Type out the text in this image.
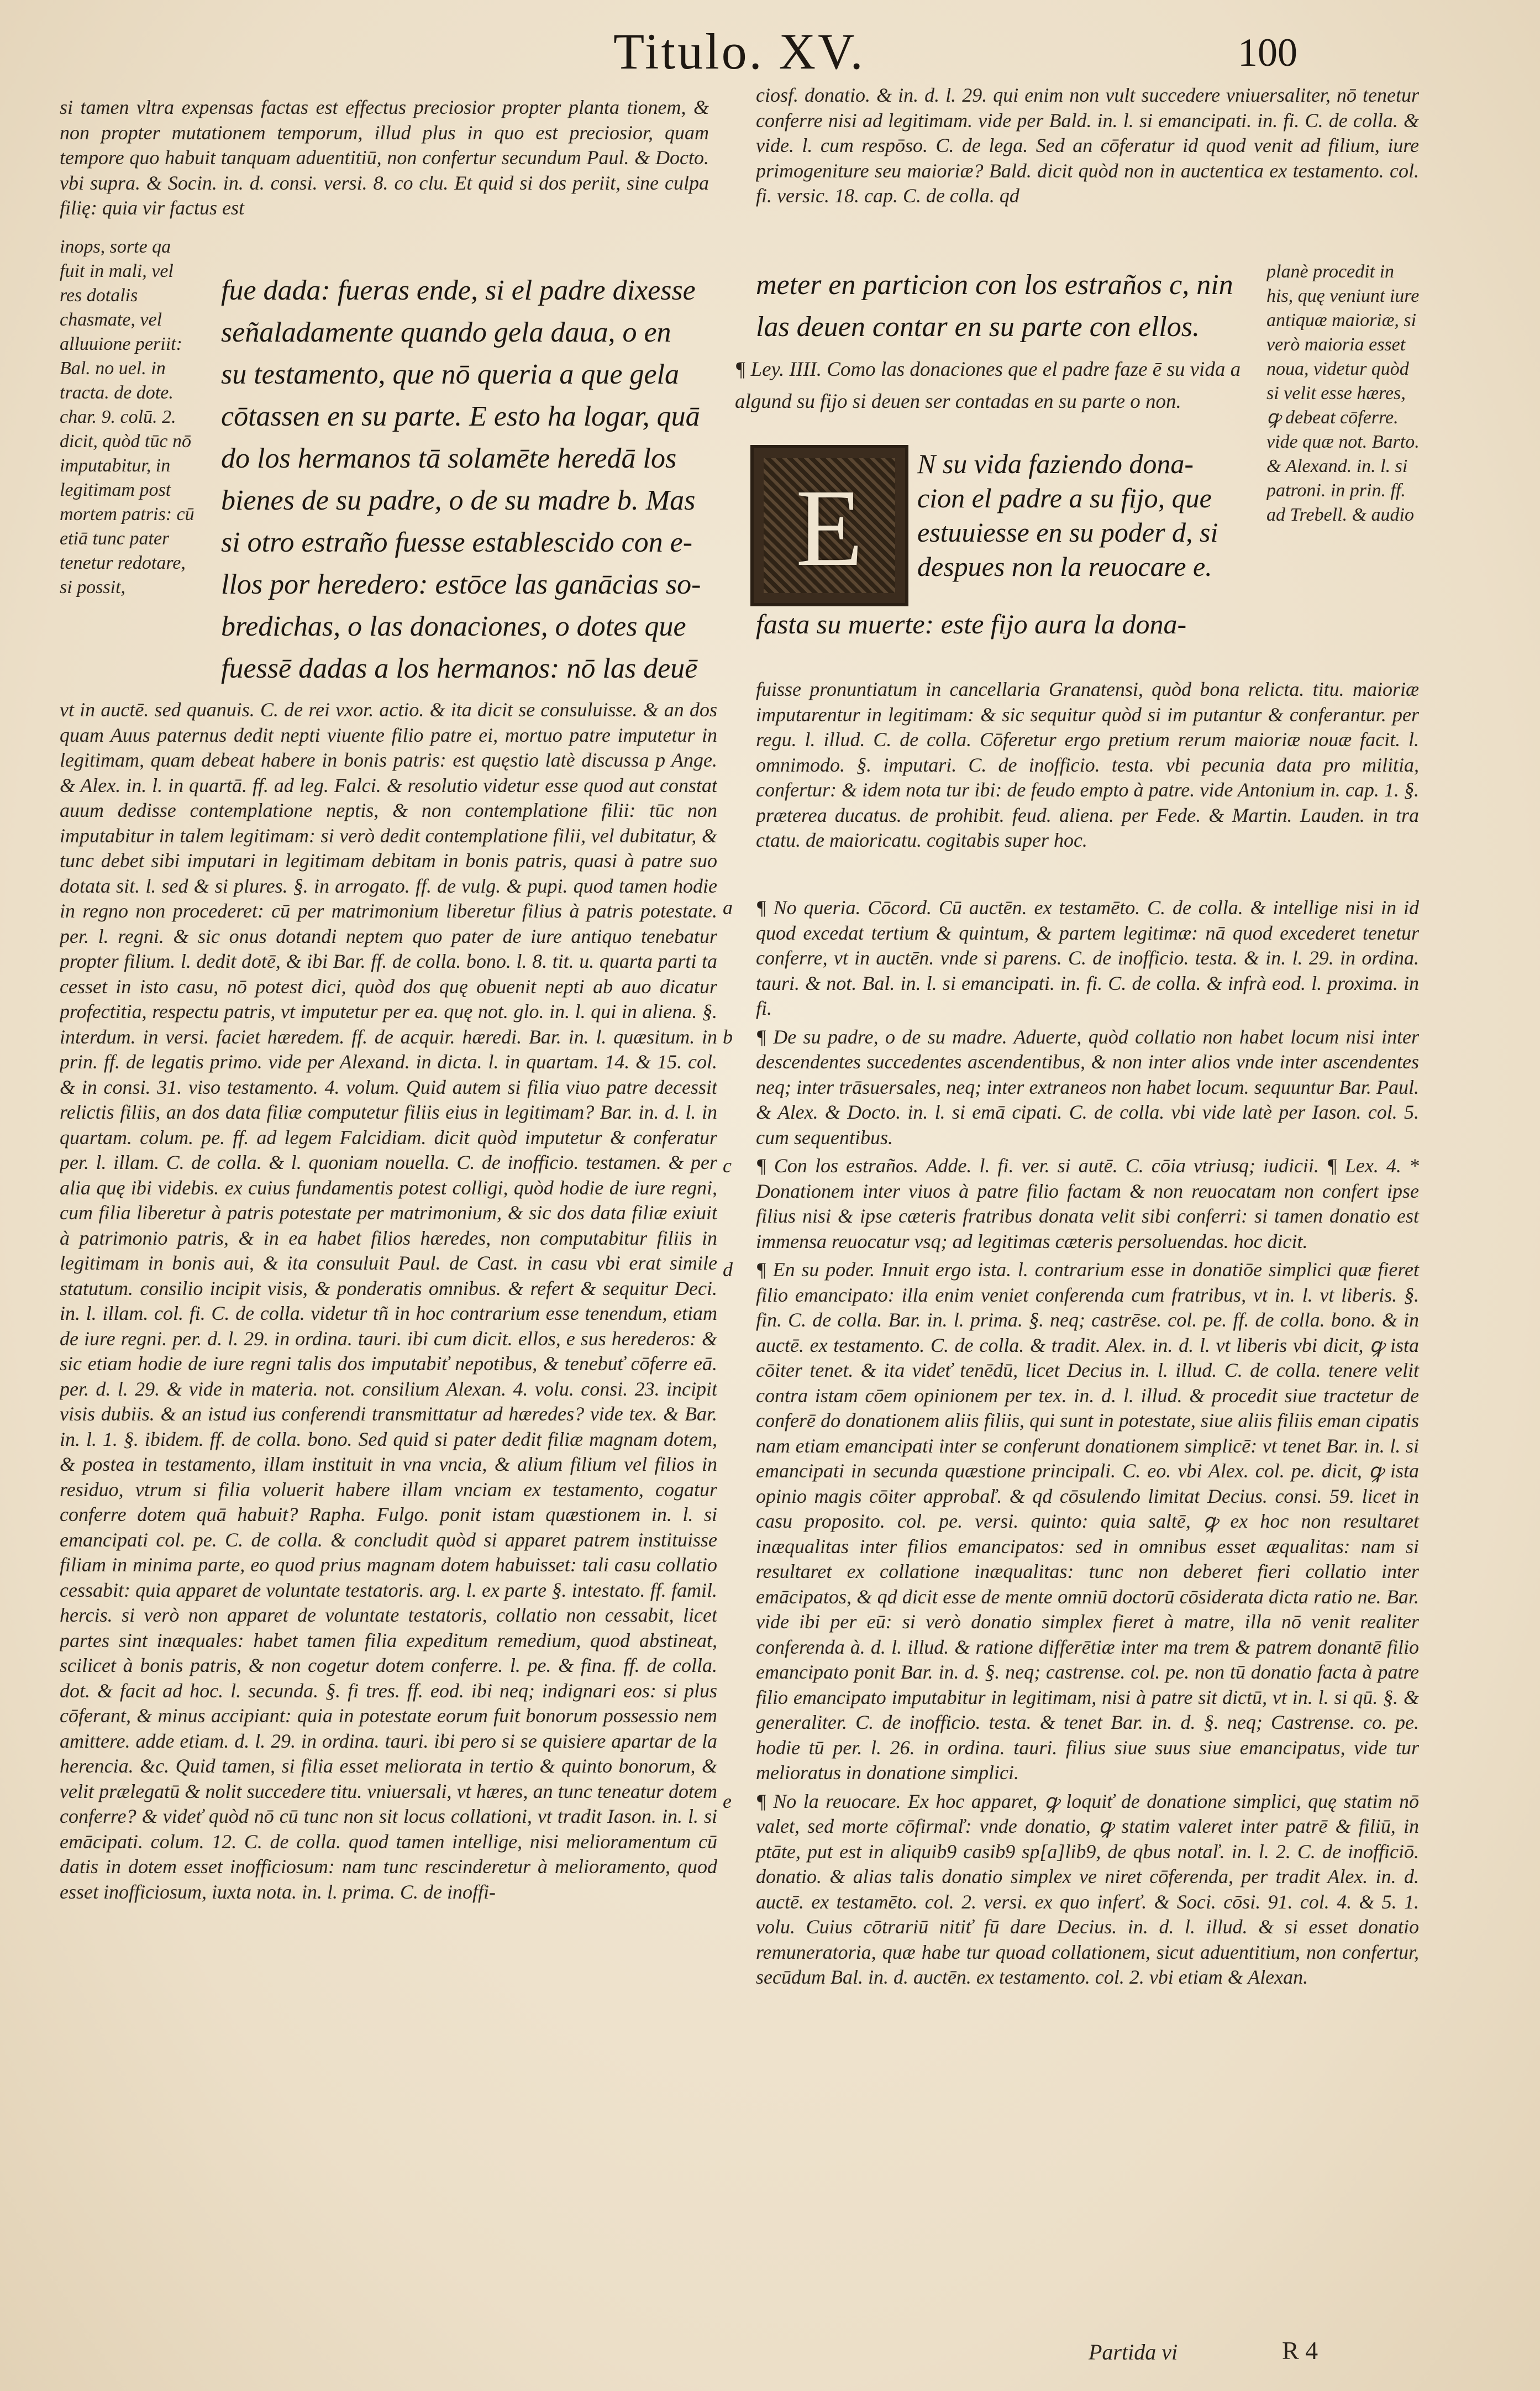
Titulo. XV.	100

si tamen vltra expensas factas est effectus preciosior propter planta tionem, & non propter mutationem temporum, illud plus in quo est preciosior, quam tempore quo habuit tanquam aduentitiū, non confertur secundum Paul. & Docto. vbi supra. & Socin. in. d. consi. versi. 8. co clu. Et quid si dos periit, sine culpa filię: quia vir factus est

inops, sorte qa fuit in mali, vel res dotalis chasmate, vel alluuione periit: Bal. no uel. in tracta. de dote. char. 9. colū. 2. dicit, quòd tūc nō imputabitur, in legitimam post mortem patris: cū etiā tunc pater tenetur redotare, si possit,

fue dada: fueras ende, si el padre dixesse
señaladamente quando gela daua, o en
su testamento, que nō queria a que gela
cōtassen en su parte. E esto ha logar, quā
do los hermanos tā solamēte heredā los
bienes de su padre, o de su madre b. Mas
si otro estraño fuesse establescido con e-
llos por heredero: estōce las ganācias so-
bredichas, o las donaciones, o dotes que
fuessē dadas a los hermanos: nō las deuē

vt in auctē. sed quanuis. C. de rei vxor. actio. & ita dicit se consuluisse. & an dos quam Auus paternus dedit nepti viuente filio patre ei, mortuo patre imputetur in legitimam, quam debeat habere in bonis patris: est quęstio latè discussa p Ange. & Alex. in. l. in quartā. ff. ad leg. Falci. & resolutio videtur esse quod aut constat auum dedisse contemplatione neptis, & non contemplatione filii: tūc non imputabitur in talem legitimam: si verò dedit contemplatione filii, vel dubitatur, & tunc debet sibi imputari in legitimam debitam in bonis patris, quasi à patre suo dotata sit. l. sed & si plures. §. in arrogato. ff. de vulg. & pupi. quod tamen hodie in regno non procederet: cū per matrimonium liberetur filius à patris potestate. per. l. regni. & sic onus dotandi neptem quo pater de iure antiquo tenebatur propter filium. l. dedit dotē, & ibi Bar. ff. de colla. bono. l. 8. tit. u. quarta parti ta cesset in isto casu, nō potest dici, quòd dos quę obuenit nepti ab auo dicatur profectitia, respectu patris, vt imputetur per ea. quę not. glo. in. l. qui in aliena. §. interdum. in versi. faciet hæredem. ff. de acquir. hæredi. Bar. in. l. quæsitum. in prin. ff. de legatis primo. vide per Alexand. in dicta. l. in quartam. 14. & 15. col. & in consi. 31. viso testamento. 4. volum. Quid autem si filia viuo patre decessit relictis filiis, an dos data filiæ computetur filiis eius in legitimam? Bar. in. d. l. in quartam. colum. pe. ff. ad legem Falcidiam. dicit quòd imputetur & conferatur per. l. illam. C. de colla. & l. quoniam nouella. C. de inofficio. testamen. & per alia quę ibi videbis. ex cuius fundamentis potest colligi, quòd hodie de iure regni, cum filia liberetur à patris potestate per matrimonium, & sic dos data filiæ exiuit à patrimonio patris, & in ea habet filios hæredes, non computabitur filiis in legitimam in bonis aui, & ita consuluit Paul. de Cast. in casu vbi erat simile statutum. consilio incipit visis, & ponderatis omnibus. & refert & sequitur Deci. in. l. illam. col. fi. C. de colla. videtur tñ in hoc contrarium esse tenendum, etiam de iure regni. per. d. l. 29. in ordina. tauri. ibi cum dicit. ellos, e sus herederos: & sic etiam hodie de iure regni talis dos imputabiť nepotibus, & tenebuť cōferre eā. per. d. l. 29. & vide in materia. not. consilium Alexan. 4. volu. consi. 23. incipit visis dubiis. & an istud ius conferendi transmittatur ad hæredes? vide tex. & Bar. in. l. 1. §. ibidem. ff. de colla. bono. Sed quid si pater dedit filiæ magnam dotem, & postea in testamento, illam instituit in vna vncia, & alium filium vel filios in residuo, vtrum si filia voluerit habere illam vnciam ex testamento, cogatur conferre dotem quā habuit? Rapha. Fulgo. ponit istam quæstionem in. l. si emancipati col. pe. C. de colla. & concludit quòd si apparet patrem instituisse filiam in minima parte, eo quod prius magnam dotem habuisset: tali casu collatio cessabit: quia apparet de voluntate testatoris. arg. l. ex parte §. intestato. ff. famil. hercis. si verò non apparet de voluntate testatoris, collatio non cessabit, licet partes sint inæquales: habet tamen filia expeditum remedium, quod abstineat, scilicet à bonis patris, & non cogetur dotem conferre. l. pe. & fina. ff. de colla. dot. & facit ad hoc. l. secunda. §. fi tres. ff. eod. ibi neq; indignari eos: si plus cōferant, & minus accipiant: quia in potestate eorum fuit bonorum possessio nem amittere. adde etiam. d. l. 29. in ordina. tauri. ibi pero si se quisiere apartar de la herencia. &c. Quid tamen, si filia esset meliorata in tertio & quinto bonorum, & velit prælegatū & nolit succedere titu. vniuersali, vt hæres, an tunc teneatur dotem conferre? & videť quòd nō cū tunc non sit locus collationi, vt tradit Iason. in. l. si emācipati. colum. 12. C. de colla. quod tamen intellige, nisi melioramentum cū datis in dotem esset inofficiosum: nam tunc rescinderetur à melioramento, quod esset inofficiosum, iuxta nota. in. l. prima. C. de inoffi-

ciosf. donatio. & in. d. l. 29. qui enim non vult succedere vniuersaliter, nō tenetur conferre nisi ad legitimam. vide per Bald. in. l. si emancipati. in. fi. C. de colla. & vide. l. cum respōso. C. de lega. Sed an cōferatur id quod venit ad filium, iure primogeniture seu maioriæ? Bald. dicit quòd non in auctentica ex testamento. col. fi. versic. 18. cap. C. de colla. qd

meter en particion con los estraños c, nin
las deuen contar en su parte con ellos.

planè procedit in his, quę veniunt iure antiquæ maioriæ, si verò maioria esset noua, videtur quòd si velit esse hæres, ꝙ debeat cōferre. vide quæ not. Barto. & Alexand. in. l. si patroni. in prin. ff. ad Trebell. & audio

¶ Ley. IIII. Como las donaciones que el padre faze ē su vida a algund su fijo si deuen ser contadas en su parte o non.
E
N su vida faziendo dona-
cion el padre a su fijo, que
estuuiesse en su poder d, si
despues non la reuocare e.
fasta su muerte: este fijo aura la dona-

fuisse pronuntiatum in cancellaria Granatensi, quòd bona relicta. titu. maioriæ imputarentur in legitimam: & sic sequitur quòd si im putantur & conferantur. per regu. l. illud. C. de colla. Cōferetur ergo pretium rerum maioriæ nouæ facit. l. omnimodo. §. imputari. C. de inofficio. testa. vbi pecunia data pro militia, confertur: & idem nota tur ibi: de feudo empto à patre. vide Antonium in. cap. 1. §. præterea ducatus. de prohibit. feud. aliena. per Fede. & Martin. Lauden. in tra ctatu. de maioricatu. cogitabis super hoc.

a ¶ No queria. Cōcord. Cū auctēn. ex testamēto. C. de colla. & intellige nisi in id quod excedat tertium & quintum, & partem legitimæ: nā quod excederet tenetur conferre, vt in auctēn. vnde si parens. C. de inofficio. testa. & in. l. 29. in ordina. tauri. & not. Bal. in. l. si emancipati. in. fi. C. de colla. & infrà eod. l. proxima. in fi.

b ¶ De su padre, o de su madre. Aduerte, quòd collatio non habet locum nisi inter descendentes succedentes ascendentibus, & non inter alios vnde inter ascendentes neq; inter trāsuersales, neq; inter extraneos non habet locum. sequuntur Bar. Paul. & Alex. & Docto. in. l. si emā cipati. C. de colla. vbi vide latè per Iason. col. 5. cum sequentibus.

c ¶ Con los estraños. Adde. l. fi. ver. si autē. C. cōia vtriusq; iudicii. ¶ Lex. 4. * Donationem inter viuos à patre filio factam & non reuocatam non confert ipse filius nisi & ipse cæteris fratribus donata velit sibi conferri: si tamen donatio est immensa reuocatur vsq; ad legitimas cæteris persoluendas. hoc dicit.

d ¶ En su poder. Innuit ergo ista. l. contrarium esse in donatiōe simplici quæ fieret filio emancipato: illa enim veniet conferenda cum fratribus, vt in. l. vt liberis. §. fin. C. de colla. Bar. in. l. prima. §. neq; castrēse. col. pe. ff. de colla. bono. & in auctē. ex testamento. C. de colla. & tradit. Alex. in. d. l. vt liberis vbi dicit, ꝙ ista cōiter tenet. & ita videť tenēdū, licet Decius in. l. illud. C. de colla. tenere velit contra istam cōem opinionem per tex. in. d. l. illud. & procedit siue tractetur de conferē do donationem aliis filiis, qui sunt in potestate, siue aliis filiis eman cipatis nam etiam emancipati inter se conferunt donationem simplicē: vt tenet Bar. in. l. si emancipati in secunda quæstione principali. C. eo. vbi Alex. col. pe. dicit, ꝙ ista opinio magis cōiter approbaľ. & qd cōsulendo limitat Decius. consi. 59. licet in casu proposito. col. pe. versi. quinto: quia saltē, ꝙ ex hoc non resultaret inæqualitas inter filios emancipatos: sed in omnibus esset æqualitas: nam si resultaret ex collatione inæqualitas: tunc non deberet fieri collatio inter emācipatos, & qd dicit esse de mente omniū doctorū cōsiderata dicta ratio ne. Bar. vide ibi per eū: si verò donatio simplex fieret à matre, illa nō venit realiter conferenda à. d. l. illud. & ratione differētiæ inter ma trem & patrem donantē filio emancipato ponit Bar. in. d. §. neq; castrense. col. pe. non tū donatio facta à patre filio emancipato imputabitur in legitimam, nisi à patre sit dictū, vt in. l. si qū. §. & generaliter. C. de inofficio. testa. & tenet Bar. in. d. §. neq; Castrense. co. pe. hodie tū per. l. 26. in ordina. tauri. filius siue suus siue emancipatus, vide tur melioratus in donatione simplici.

e ¶ No la reuocare. Ex hoc apparet, ꝙ loquiť de donatione simplici, quę statim nō valet, sed morte cōfirmaľ: vnde donatio, ꝙ statim valeret inter patrē & filiū, in ptāte, put est in aliquib9 casib9 sp[a]lib9, de qbus notaľ. in. l. 2. C. de inofficiō. donatio. & alias talis donatio simplex ve niret cōferenda, per tradit Alex. in. d. auctē. ex testamēto. col. 2. versi. ex quo inferť. & Soci. cōsi. 91. col. 4. & 5. 1. volu. Cuius cōtrariū nitiť fū dare Decius. in. d. l. illud. & si esset donatio remuneratoria, quæ habe tur quoad collationem, sicut aduentitium, non confertur, secūdum Bal. in. d. auctēn. ex testamento. col. 2. vbi etiam & Alexan.

Partida vi	R 4
